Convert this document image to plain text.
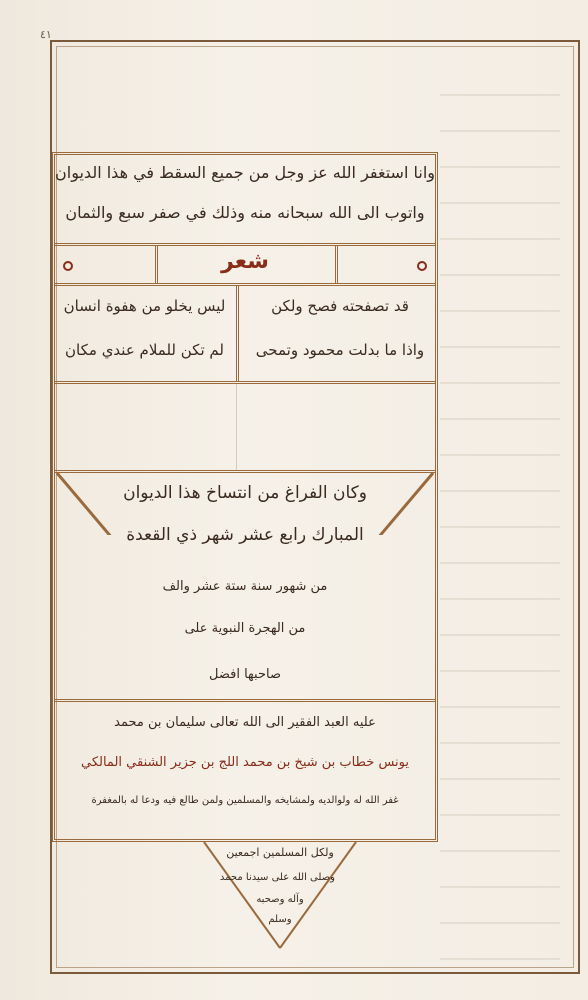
٤١
وانا استغفر الله عز وجل من جميع السقط في هذا الديوان
واتوب الى الله سبحانه منه وذلك في صفر سبع والثمان
شعر
قد تصفحته فصح ولكن
ليس يخلو من هفوة انسان
واذا ما بدلت محمود وتمحى
لم تكن للملام عندي مكان
وكان الفراغ من انتساخ هذا الديوان
المبارك رابع عشر شهر ذي القعدة
من شهور سنة ستة عشر والف
من الهجرة النبوية على
صاحبها افضل
عليه العبد الفقير الى الله تعالى سليمان بن محمد
يونس خطاب بن شيخ بن محمد اللج بن جزير الشنقي المالكي
غفر الله له ولوالديه ولمشايخه والمسلمين ولمن طالع فيه ودعا له بالمغفرة
ولكل المسلمين اجمعين
وصلى الله على سيدنا محمد
وآله وصحبه
وسلم
